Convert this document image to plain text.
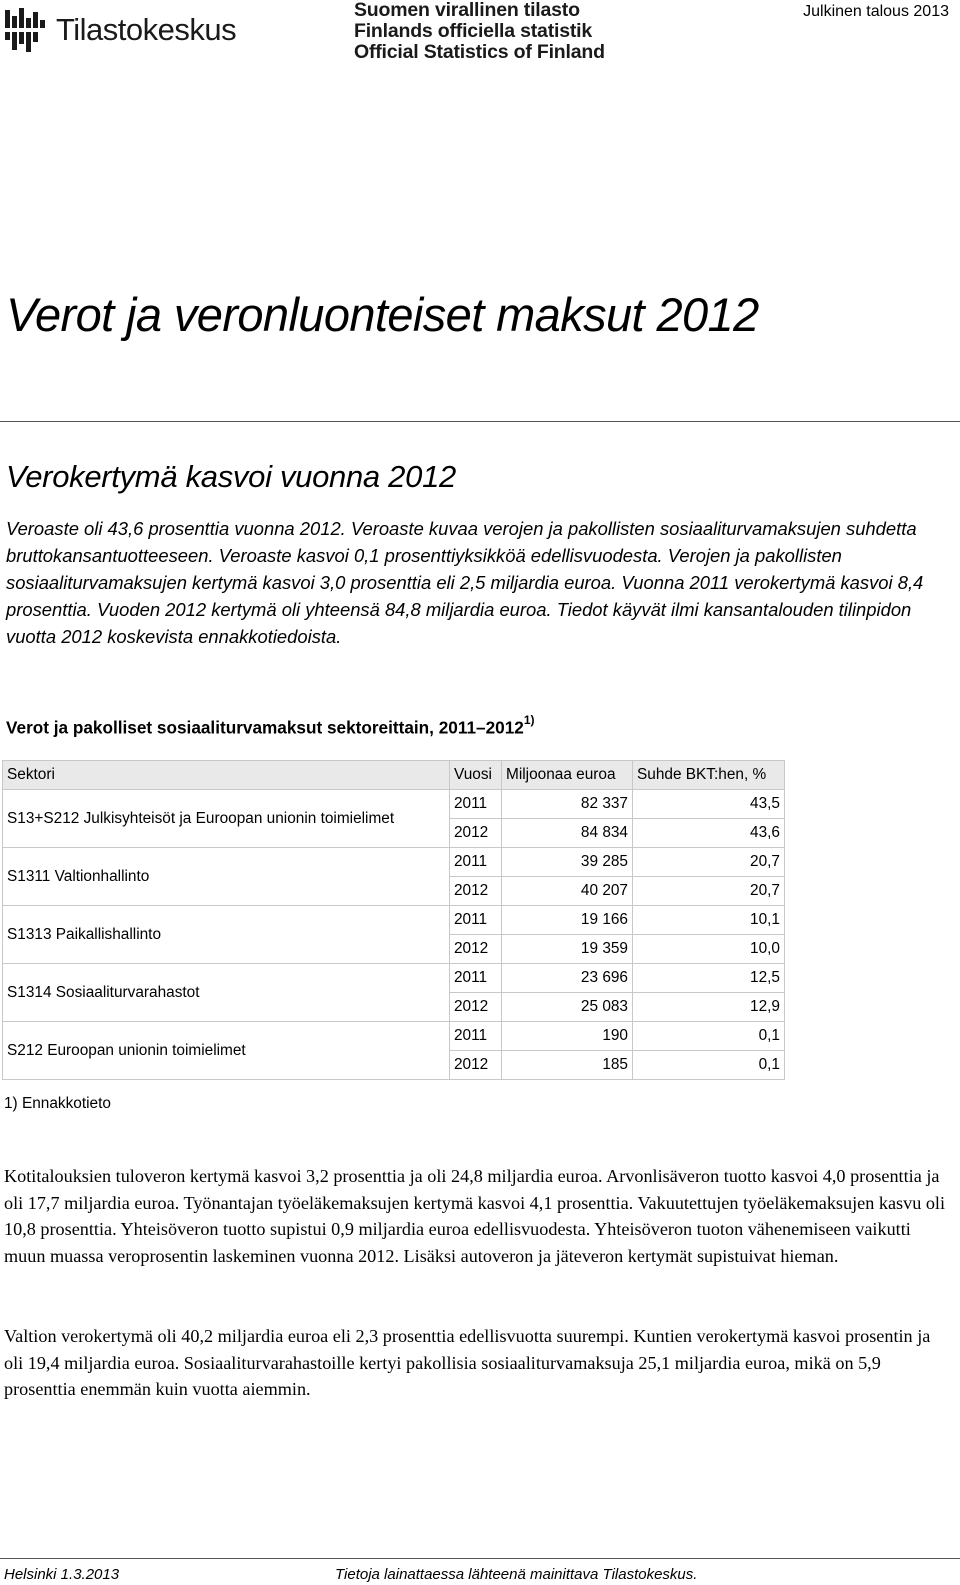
Tilastokeskus
Suomen virallinen tilasto
Finlands officiella statistik
Official Statistics of Finland
Julkinen talous 2013
Verot ja veronluonteiset maksut 2012
Verokertymä kasvoi vuonna 2012

Veroaste oli 43,6 prosenttia vuonna 2012. Veroaste kuvaa verojen ja pakollisten sosiaaliturvamaksujen suhdetta bruttokansantuotteeseen. Veroaste kasvoi 0,1 prosenttiyksikköä edellisvuodesta. Verojen ja pakollisten sosiaaliturvamaksujen kertymä kasvoi 3,0 prosenttia eli 2,5 miljardia euroa. Vuonna 2011 verokertymä kasvoi 8,4 prosenttia. Vuoden 2012 kertymä oli yhteensä 84,8 miljardia euroa. Tiedot käyvät ilmi kansantalouden tilinpidon vuotta 2012 koskevista ennakkotiedoista.

Verot ja pakolliset sosiaaliturvamaksut sektoreittain, 2011–2012$^{1)}$
Sektori	Vuosi	Miljoonaa euroa	Suhde BKT:hen, %
S13+S212 Julkisyhteisöt ja Euroopan unionin toimielimet	2011	82 337	43,5
	2012	84 834	43,6
S1311 Valtionhallinto	2011	39 285	20,7
	2012	40 207	20,7
S1313 Paikallishallinto	2011	19 166	10,1
	2012	19 359	10,0
S1314 Sosiaaliturvarahastot	2011	23 696	12,5
	2012	25 083	12,9
S212 Euroopan unionin toimielimet	2011	190	0,1
	2012	185	0,1
1) Ennakkotieto

Kotitalouksien tuloveron kertymä kasvoi 3,2 prosenttia ja oli 24,8 miljardia euroa. Arvonlisäveron tuotto kasvoi 4,0 prosenttia ja oli 17,7 miljardia euroa. Työnantajan työeläkemaksujen kertymä kasvoi 4,1 prosenttia. Vakuutettujen työeläkemaksujen kasvu oli 10,8 prosenttia. Yhteisöveron tuotto supistui 0,9 miljardia euroa edellisvuodesta. Yhteisöveron tuoton vähenemiseen vaikutti muun muassa veroprosentin laskeminen vuonna 2012. Lisäksi autoveron ja jäteveron kertymät supistuivat hieman.

Valtion verokertymä oli 40,2 miljardia euroa eli 2,3 prosenttia edellisvuotta suurempi. Kuntien verokertymä kasvoi prosentin ja oli 19,4 miljardia euroa. Sosiaaliturvarahastoille kertyi pakollisia sosiaaliturvamaksuja 25,1 miljardia euroa, mikä on 5,9 prosenttia enemmän kuin vuotta aiemmin.

Helsinki 1.3.2013	Tietoja lainattaessa lähteenä mainittava Tilastokeskus.
